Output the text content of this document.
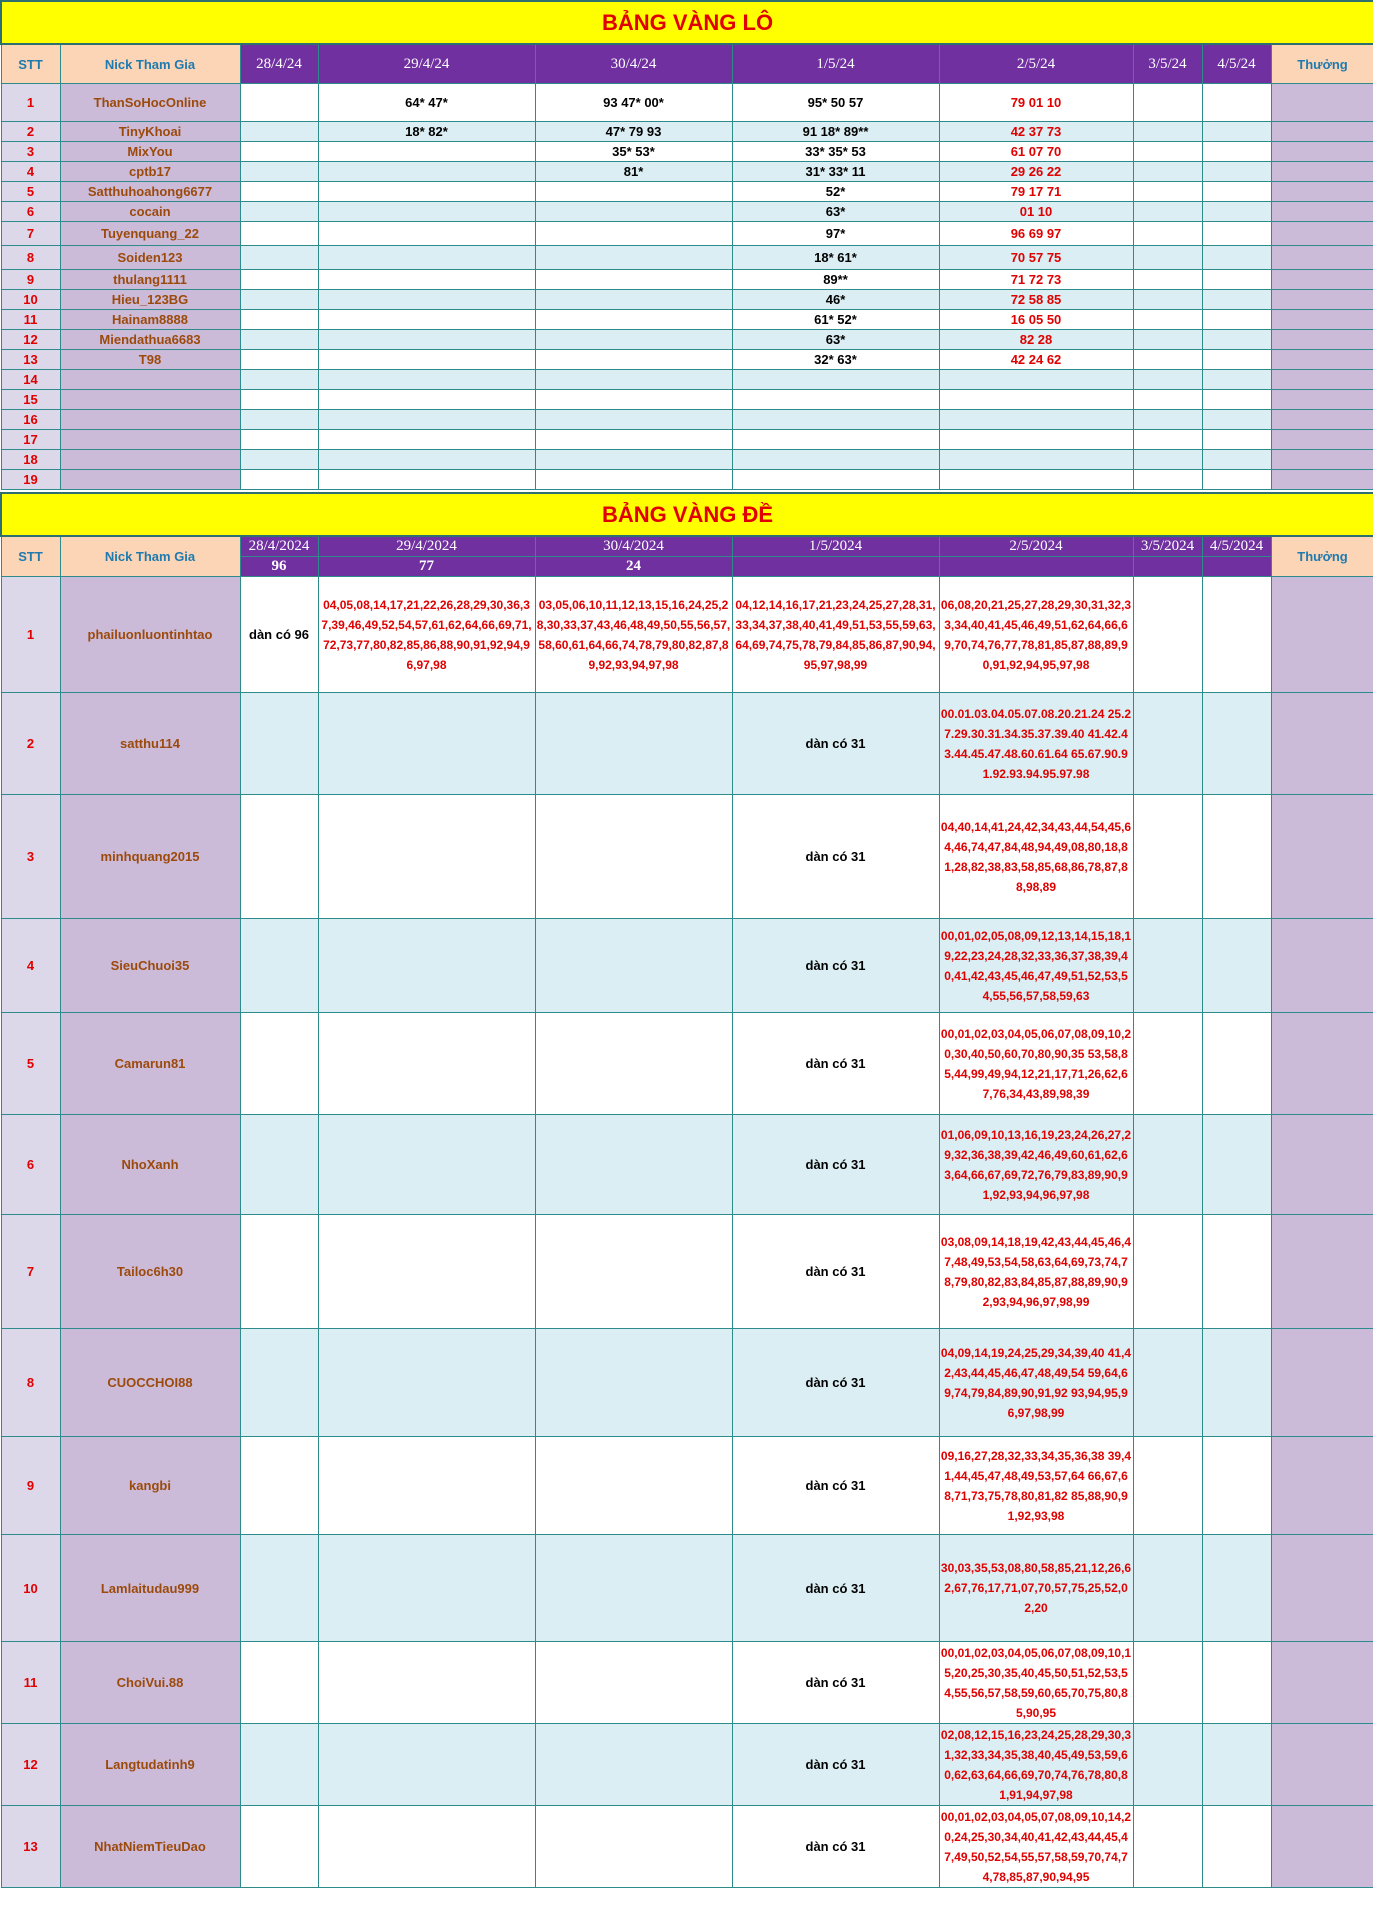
BẢNG VÀNG LÔ									
STT	Nick Tham Gia	28/4/24	29/4/24	30/4/24	1/5/24	2/5/24	3/5/24	4/5/24	Thưởng
1	ThanSoHocOnline		64* 47*	93 47* 00*	95* 50 57	79 01 10			
2	TinyKhoai		18* 82*	47* 79 93	91 18* 89**	42 37 73			
3	MixYou			35* 53*	33* 35* 53	61 07 70			
4	cptb17			81*	31* 33* 11	29 26 22			
5	Satthuhoahong6677				52*	79 17 71			
6	cocain				63*	01 10			
7	Tuyenquang_22				97*	96 69 97			
8	Soiden123				18* 61*	70 57 75			
9	thulang1111				89**	71 72 73			
10	Hieu_123BG				46*	72 58 85			
11	Hainam8888				61* 52*	16 05 50			
12	Miendathua6683				63*	82 28			
13	T98				32* 63*	42 24 62			
14									
15									
16									
17									
18									
19									
BẢNG VÀNG ĐỀ									
STT	Nick Tham Gia	28/4/2024	29/4/2024	30/4/2024	1/5/2024	2/5/2024	3/5/2024	4/5/2024	Thưởng
		96	77	24					
1	phailuonluontinhtao	dàn có 96	04,05,08,14,17,21,22,26,28,29,30,36,37,39,46,49,52,54,57,61,62,64,66,69,71,72,73,77,80,82,85,86,88,90,91,92,94,96,97,98	03,05,06,10,11,12,13,15,16,24,25,28,30,33,37,43,46,48,49,50,55,56,57,58,60,61,64,66,74,78,79,80,82,87,89,92,93,94,97,98	04,12,14,16,17,21,23,24,25,27,28,31,33,34,37,38,40,41,49,51,53,55,59,63,64,69,74,75,78,79,84,85,86,87,90,94,95,97,98,99	06,08,20,21,25,27,28,29,30,31,32,33,34,40,41,45,46,49,51,62,64,66,69,70,74,76,77,78,81,85,87,88,89,90,91,92,94,95,97,98			
2	satthu114				dàn có 31	00.01.03.04.05.07.08.20.21.24 25.27.29.30.31.34.35.37.39.40 41.42.43.44.45.47.48.60.61.64 65.67.90.91.92.93.94.95.97.98			
3	minhquang2015				dàn có 31	04,40,14,41,24,42,34,43,44,54,45,64,46,74,47,84,48,94,49,08,80,18,81,28,82,38,83,58,85,68,86,78,87,88,98,89			
4	SieuChuoi35				dàn có 31	00,01,02,05,08,09,12,13,14,15,18,19,22,23,24,28,32,33,36,37,38,39,40,41,42,43,45,46,47,49,51,52,53,54,55,56,57,58,59,63			
5	Camarun81				dàn có 31	00,01,02,03,04,05,06,07,08,09,10,20,30,40,50,60,70,80,90,35 53,58,85,44,99,49,94,12,21,17,71,26,62,67,76,34,43,89,98,39			
6	NhoXanh				dàn có 31	01,06,09,10,13,16,19,23,24,26,27,29,32,36,38,39,42,46,49,60,61,62,63,64,66,67,69,72,76,79,83,89,90,91,92,93,94,96,97,98			
7	Tailoc6h30				dàn có 31	03,08,09,14,18,19,42,43,44,45,46,47,48,49,53,54,58,63,64,69,73,74,78,79,80,82,83,84,85,87,88,89,90,92,93,94,96,97,98,99			
8	CUOCCHOI88				dàn có 31	04,09,14,19,24,25,29,34,39,40 41,42,43,44,45,46,47,48,49,54 59,64,69,74,79,84,89,90,91,92 93,94,95,96,97,98,99			
9	kangbi				dàn có 31	09,16,27,28,32,33,34,35,36,38 39,41,44,45,47,48,49,53,57,64 66,67,68,71,73,75,78,80,81,82 85,88,90,91,92,93,98			
10	Lamlaitudau999				dàn có 31	30,03,35,53,08,80,58,85,21,12,26,62,67,76,17,71,07,70,57,75,25,52,02,20			
11	ChoiVui.88				dàn có 31	00,01,02,03,04,05,06,07,08,09,10,15,20,25,30,35,40,45,50,51,52,53,54,55,56,57,58,59,60,65,70,75,80,85,90,95			
12	Langtudatinh9				dàn có 31	02,08,12,15,16,23,24,25,28,29,30,31,32,33,34,35,38,40,45,49,53,59,60,62,63,64,66,69,70,74,76,78,80,81,91,94,97,98			
13	NhatNiemTieuDao				dàn có 31	00,01,02,03,04,05,07,08,09,10,14,20,24,25,30,34,40,41,42,43,44,45,47,49,50,52,54,55,57,58,59,70,74,74,78,85,87,90,94,95			
